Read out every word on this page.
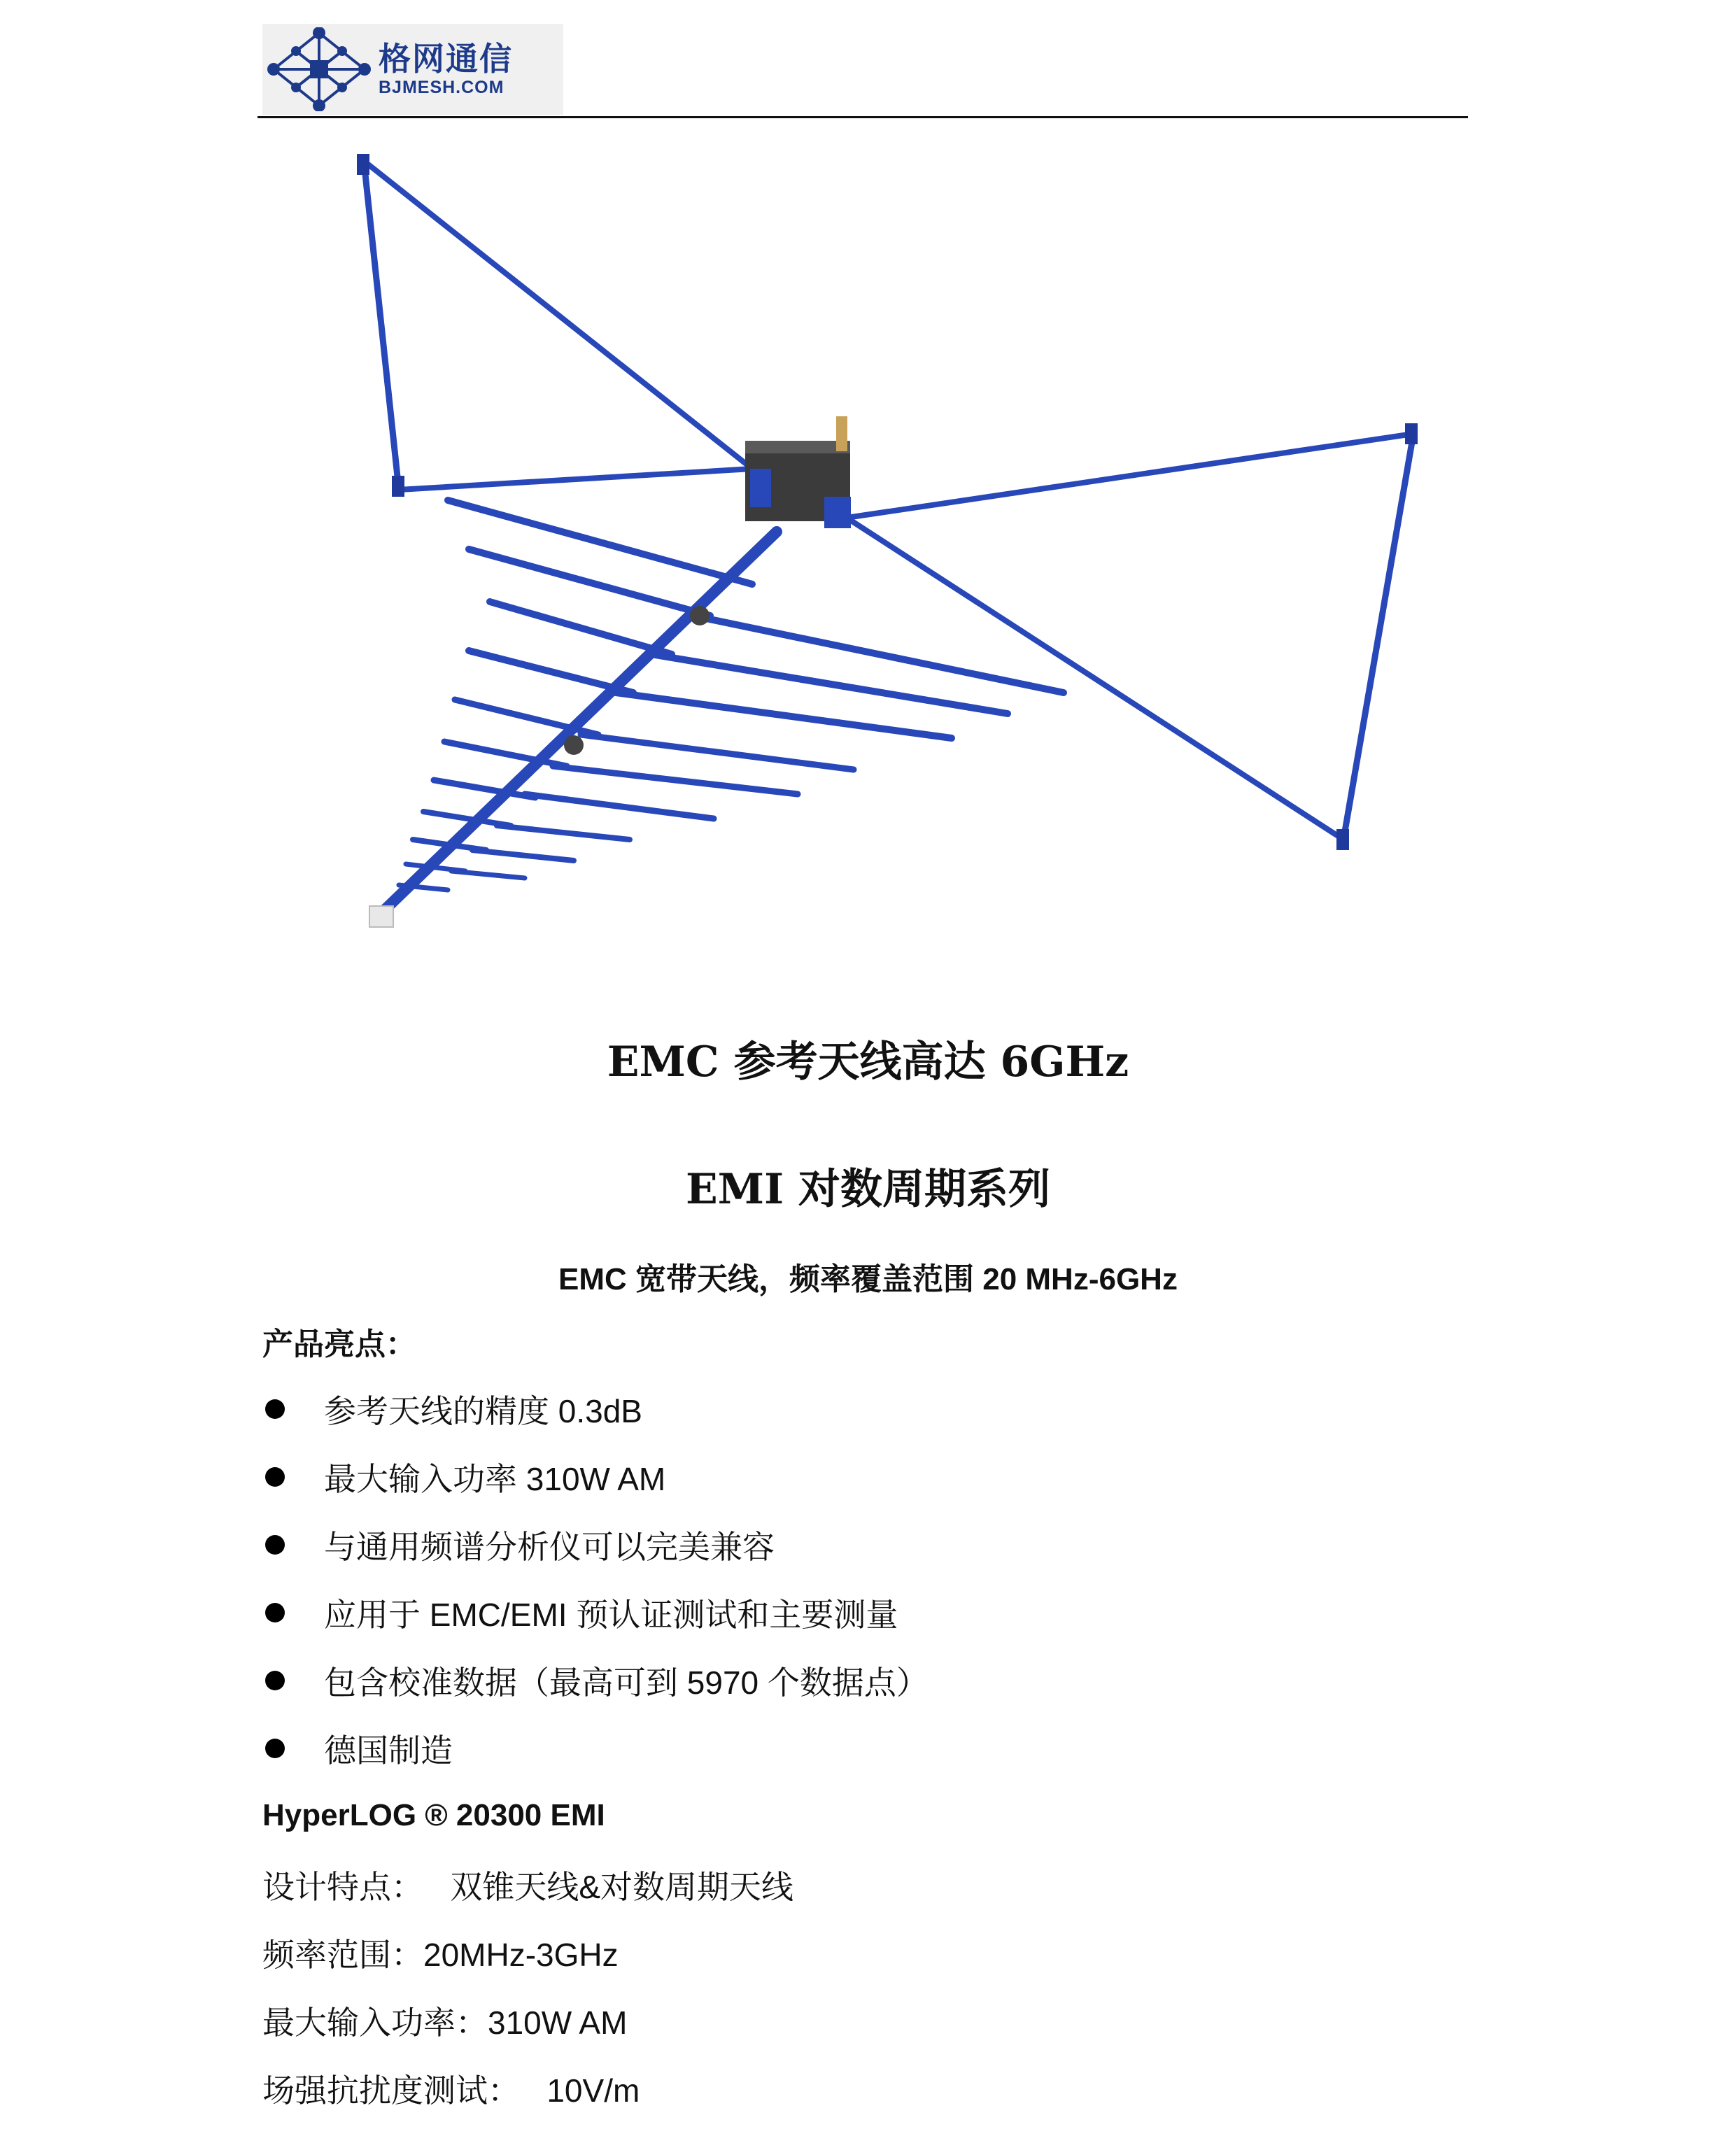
格网通信
BJMESH.COM
EMC 参考天线高达 6GHz
EMI 对数周期系列
EMC 宽带天线，频率覆盖范围 20 MHz-6GHz
产品亮点：
参考天线的精度 0.3dB
最大输入功率 310W AM
与通用频谱分析仪可以完美兼容
应用于 EMC/EMI 预认证测试和主要测量
包含校准数据（最高可到 5970 个数据点）
德国制造
HyperLOG ® 20300 EMI
设计特点：   双锥天线&对数周期天线
频率范围：20MHz-3GHz
最大输入功率：310W AM
场强抗扰度测试：   10V/m
